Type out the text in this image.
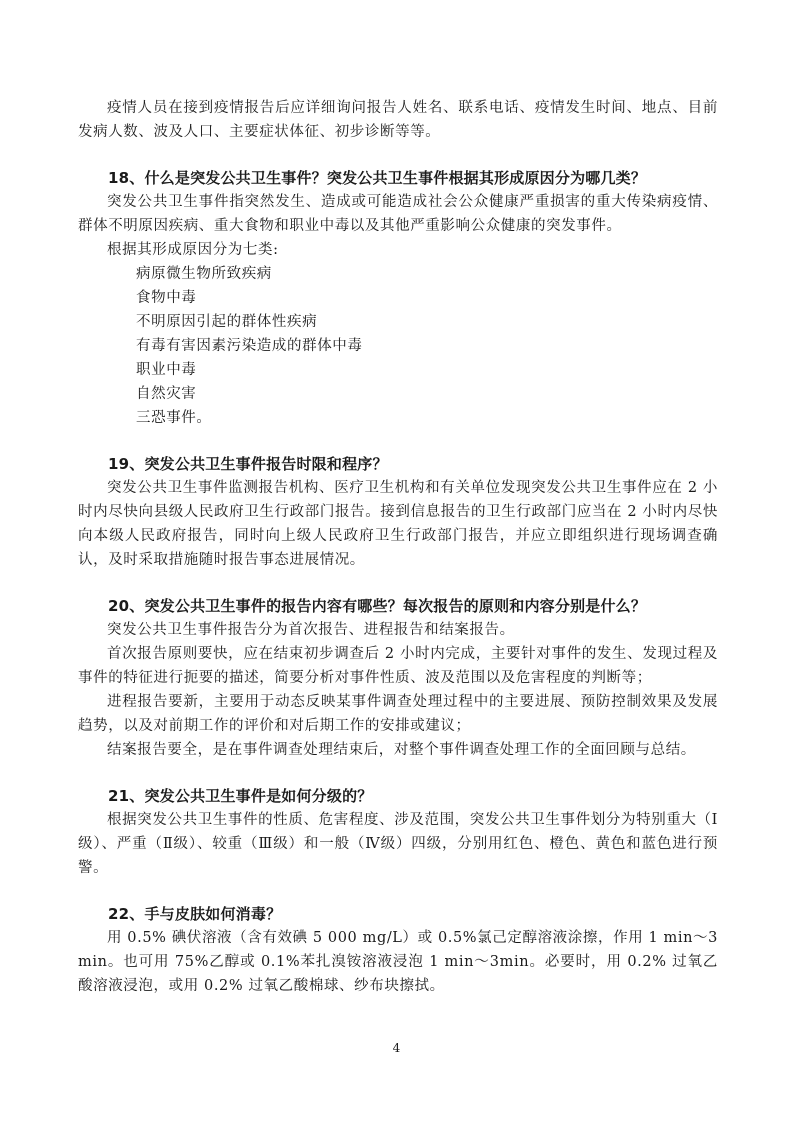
疫情人员在接到疫情报告后应详细询问报告人姓名、联系电话、疫情发生时间、地点、目前发病人数、波及人口、主要症状体征、初步诊断等等。

18、什么是突发公共卫生事件？突发公共卫生事件根据其形成原因分为哪几类？

突发公共卫生事件指突然发生、造成或可能造成社会公众健康严重损害的重大传染病疫情、群体不明原因疾病、重大食物和职业中毒以及其他严重影响公众健康的突发事件。

根据其形成原因分为七类:

病原微生物所致疾病
食物中毒
不明原因引起的群体性疾病
有毒有害因素污染造成的群体中毒
职业中毒
自然灾害
三恐事件。

19、突发公共卫生事件报告时限和程序？

突发公共卫生事件监测报告机构、医疗卫生机构和有关单位发现突发公共卫生事件应在 2 小时内尽快向县级人民政府卫生行政部门报告。接到信息报告的卫生行政部门应当在 2 小时内尽快向本级人民政府报告，同时向上级人民政府卫生行政部门报告，并应立即组织进行现场调查确认，及时采取措施随时报告事态进展情况。

20、突发公共卫生事件的报告内容有哪些？每次报告的原则和内容分别是什么？

突发公共卫生事件报告分为首次报告、进程报告和结案报告。

首次报告原则要快，应在结束初步调查后 2 小时内完成，主要针对事件的发生、发现过程及事件的特征进行扼要的描述，简要分析对事件性质、波及范围以及危害程度的判断等；

进程报告要新，主要用于动态反映某事件调查处理过程中的主要进展、预防控制效果及发展趋势，以及对前期工作的评价和对后期工作的安排或建议；

结案报告要全，是在事件调查处理结束后，对整个事件调查处理工作的全面回顾与总结。

21、突发公共卫生事件是如何分级的？

根据突发公共卫生事件的性质、危害程度、涉及范围，突发公共卫生事件划分为特别重大（Ⅰ级）、严重（Ⅱ级）、较重（Ⅲ级）和一般（Ⅳ级）四级，分别用红色、橙色、黄色和蓝色进行预警。

22、手与皮肤如何消毒？

用 0.5% 碘伏溶液（含有效碘 5 000 mg/L）或 0.5%氯己定醇溶液涂擦，作用 1 min～3 min。也可用 75%乙醇或 0.1%苯扎溴铵溶液浸泡 1 min～3min。必要时，用 0.2% 过氧乙酸溶液浸泡，或用 0.2% 过氧乙酸棉球、纱布块擦拭。

4
